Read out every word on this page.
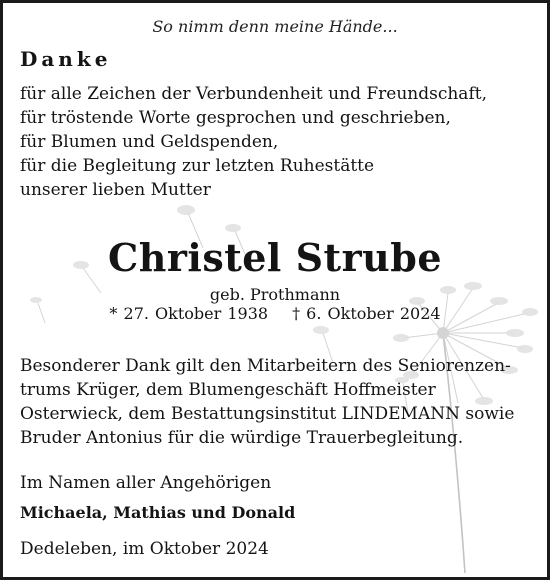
So nimm denn meine Hände...

Danke

für alle Zeichen der Verbundenheit und Freundschaft,

für tröstende Worte gesprochen und geschrieben,

für Blumen und Geldspenden,

für die Begleitung zur letzten Ruhestätte

unserer lieben Mutter

Christel Strube

geb. Prothmann

* 27. Oktober 1938 † 6. Oktober 2024

Besonderer Dank gilt den Mitarbeitern des Seniorenzen-

trums Krüger, dem Blumengeschäft Hoffmeister

Osterwieck, dem Bestattungsinstitut LINDEMANN sowie

Bruder Antonius für die würdige Trauerbegleitung.

Im Namen aller Angehörigen

Michaela, Mathias und Donald

Dedeleben, im Oktober 2024
